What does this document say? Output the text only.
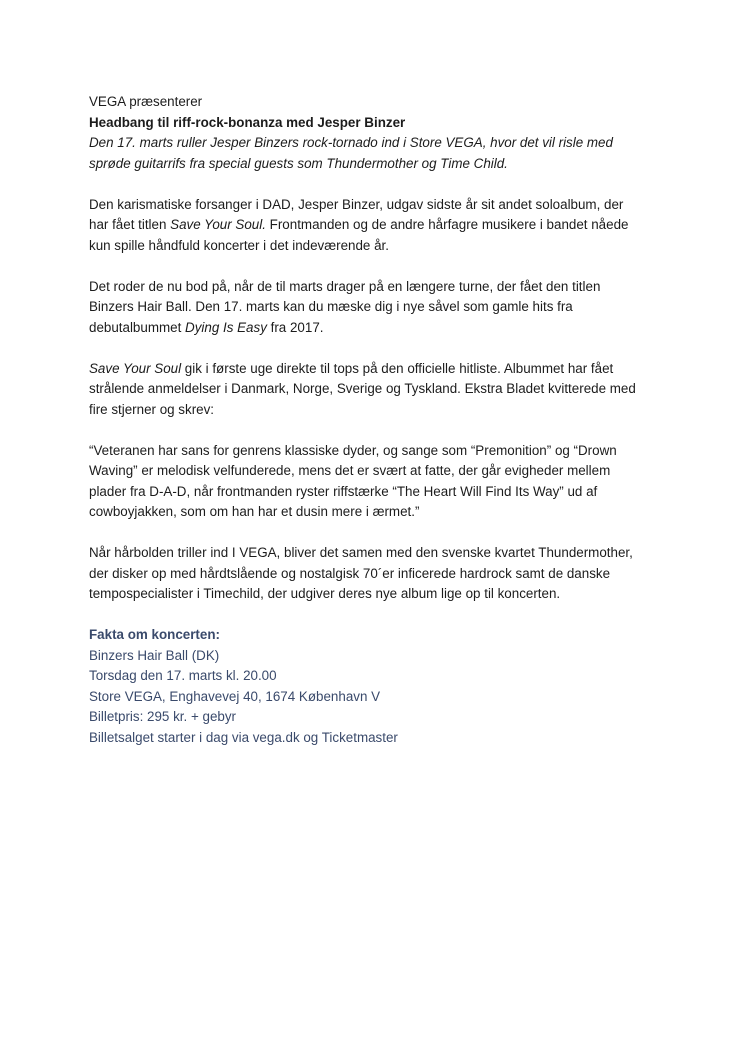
VEGA præsenterer
Headbang til riff-rock-bonanza med Jesper Binzer
Den 17. marts ruller Jesper Binzers rock-tornado ind i Store VEGA, hvor det vil risle med
sprøde guitarrifs fra special guests som Thundermother og Time Child.
Den karismatiske forsanger i DAD, Jesper Binzer, udgav sidste år sit andet soloalbum, der
har fået titlen Save Your Soul. Frontmanden og de andre hårfagre musikere i bandet nåede
kun spille håndfuld koncerter i det indeværende år.
Det roder de nu bod på, når de til marts drager på en længere turne, der fået den titlen
Binzers Hair Ball. Den 17. marts kan du mæske dig i nye såvel som gamle hits fra
debutalbummet Dying Is Easy fra 2017.
Save Your Soul gik i første uge direkte til tops på den officielle hitliste. Albummet har fået
strålende anmeldelser i Danmark, Norge, Sverige og Tyskland. Ekstra Bladet kvitterede med
fire stjerner og skrev:
“Veteranen har sans for genrens klassiske dyder, og sange som “Premonition” og “Drown
Waving” er melodisk velfunderede, mens det er svært at fatte, der går evigheder mellem
plader fra D-A-D, når frontmanden ryster riffstærke “The Heart Will Find Its Way” ud af
cowboyjakken, som om han har et dusin mere i ærmet.”
Når hårbolden triller ind I VEGA, bliver det samen med den svenske kvartet Thundermother,
der disker op med hårdtslående og nostalgisk 70´er inficerede hardrock samt de danske
tempospecialister i Timechild, der udgiver deres nye album lige op til koncerten.
Fakta om koncerten:
Binzers Hair Ball (DK)
Torsdag den 17. marts kl. 20.00
Store VEGA, Enghavevej 40, 1674 København V
Billetpris: 295 kr. + gebyr
Billetsalget starter i dag via vega.dk og Ticketmaster
